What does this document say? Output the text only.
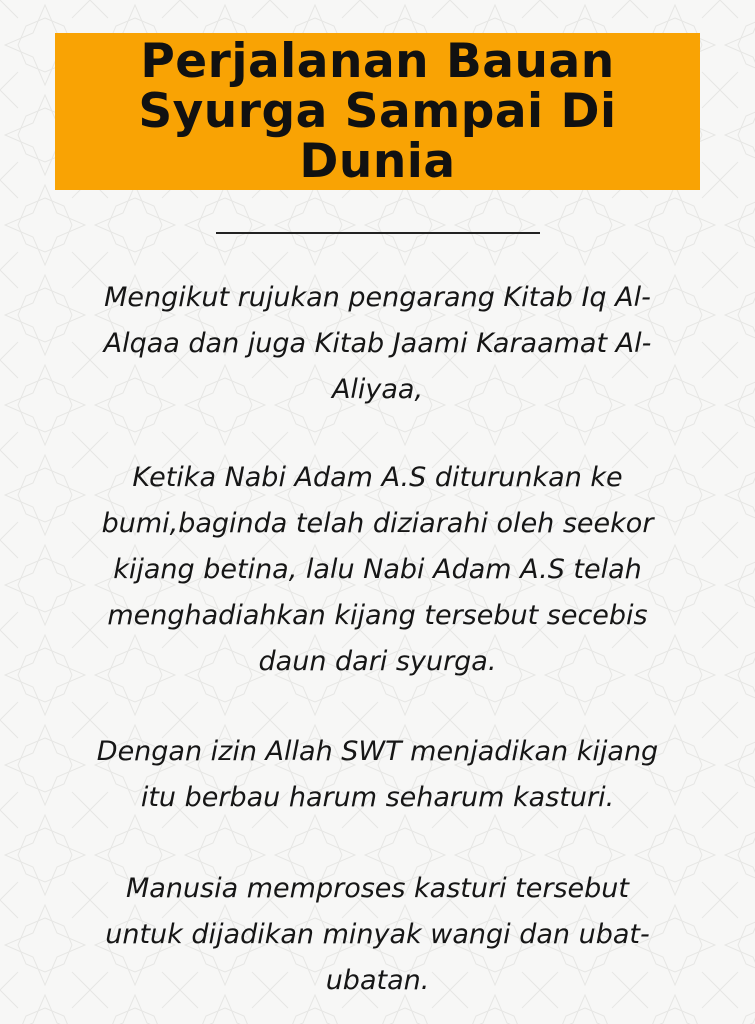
Perjalanan Bauan
Syurga Sampai Di
Dunia
Mengikut rujukan pengarang Kitab Iq Al-
Alqaa dan juga Kitab Jaami Karaamat Al-
Aliyaa,
Ketika Nabi Adam A.S diturunkan ke
bumi,baginda telah diziarahi oleh seekor
kijang betina, lalu Nabi Adam A.S telah
menghadiahkan kijang tersebut secebis
daun dari syurga.
Dengan izin Allah SWT menjadikan kijang
itu berbau harum seharum kasturi.
Manusia memproses kasturi tersebut
untuk dijadikan minyak wangi dan ubat-
ubatan.
